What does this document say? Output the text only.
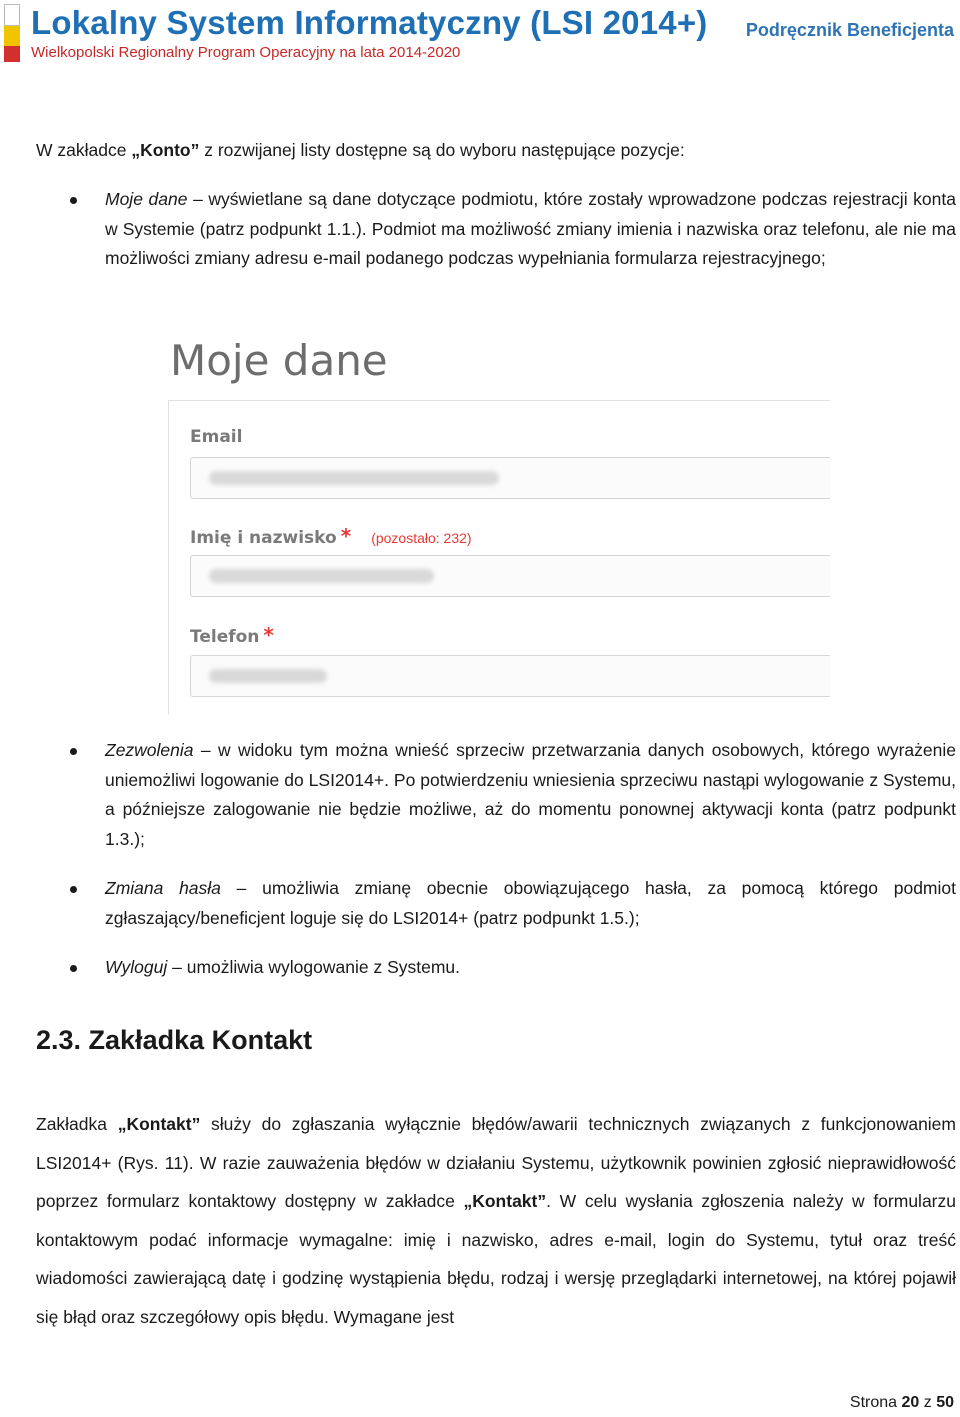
Lokalny System Informatyczny (LSI 2014+)
Wielkopolski Regionalny Program Operacyjny na lata 2014-2020
Podręcznik Beneficjenta
W zakładce „Konto” z rozwijanej listy dostępne są do wyboru następujące pozycje:
Moje dane – wyświetlane są dane dotyczące podmiotu, które zostały wprowadzone podczas rejestracji konta w Systemie (patrz podpunkt 1.1.). Podmiot ma możliwość zmiany imienia i nazwiska oraz telefonu, ale nie ma możliwości zmiany adresu e-mail podanego podczas wypełniania formularza rejestracyjnego;
Moje dane
Email
Imię i nazwisko * (pozostało: 232)
Telefon *
Zezwolenia – w widoku tym można wnieść sprzeciw przetwarzania danych osobowych, którego wyrażenie uniemożliwi logowanie do LSI2014+. Po potwierdzeniu wniesienia sprzeciwu nastąpi wylogowanie z Systemu, a późniejsze zalogowanie nie będzie możliwe, aż do momentu ponownej aktywacji konta (patrz podpunkt 1.3.);
Zmiana hasła – umożliwia zmianę obecnie obowiązującego hasła, za pomocą którego podmiot zgłaszający/beneficjent loguje się do LSI2014+ (patrz podpunkt 1.5.);
Wyloguj – umożliwia wylogowanie z Systemu.
2.3. Zakładka Kontakt
Zakładka „Kontakt” służy do zgłaszania wyłącznie błędów/awarii technicznych związanych z funkcjonowaniem LSI2014+ (Rys. 11). W razie zauważenia błędów w działaniu Systemu, użytkownik powinien zgłosić nieprawidłowość poprzez formularz kontaktowy dostępny w zakładce „Kontakt”. W celu wysłania zgłoszenia należy w formularzu kontaktowym podać informacje wymagalne: imię i nazwisko, adres e-mail, login do Systemu, tytuł oraz treść wiadomości zawierającą datę i godzinę wystąpienia błędu, rodzaj i wersję przeglądarki internetowej, na której pojawił się błąd oraz szczegółowy opis błędu. Wymagane jest
Strona 20 z 50
